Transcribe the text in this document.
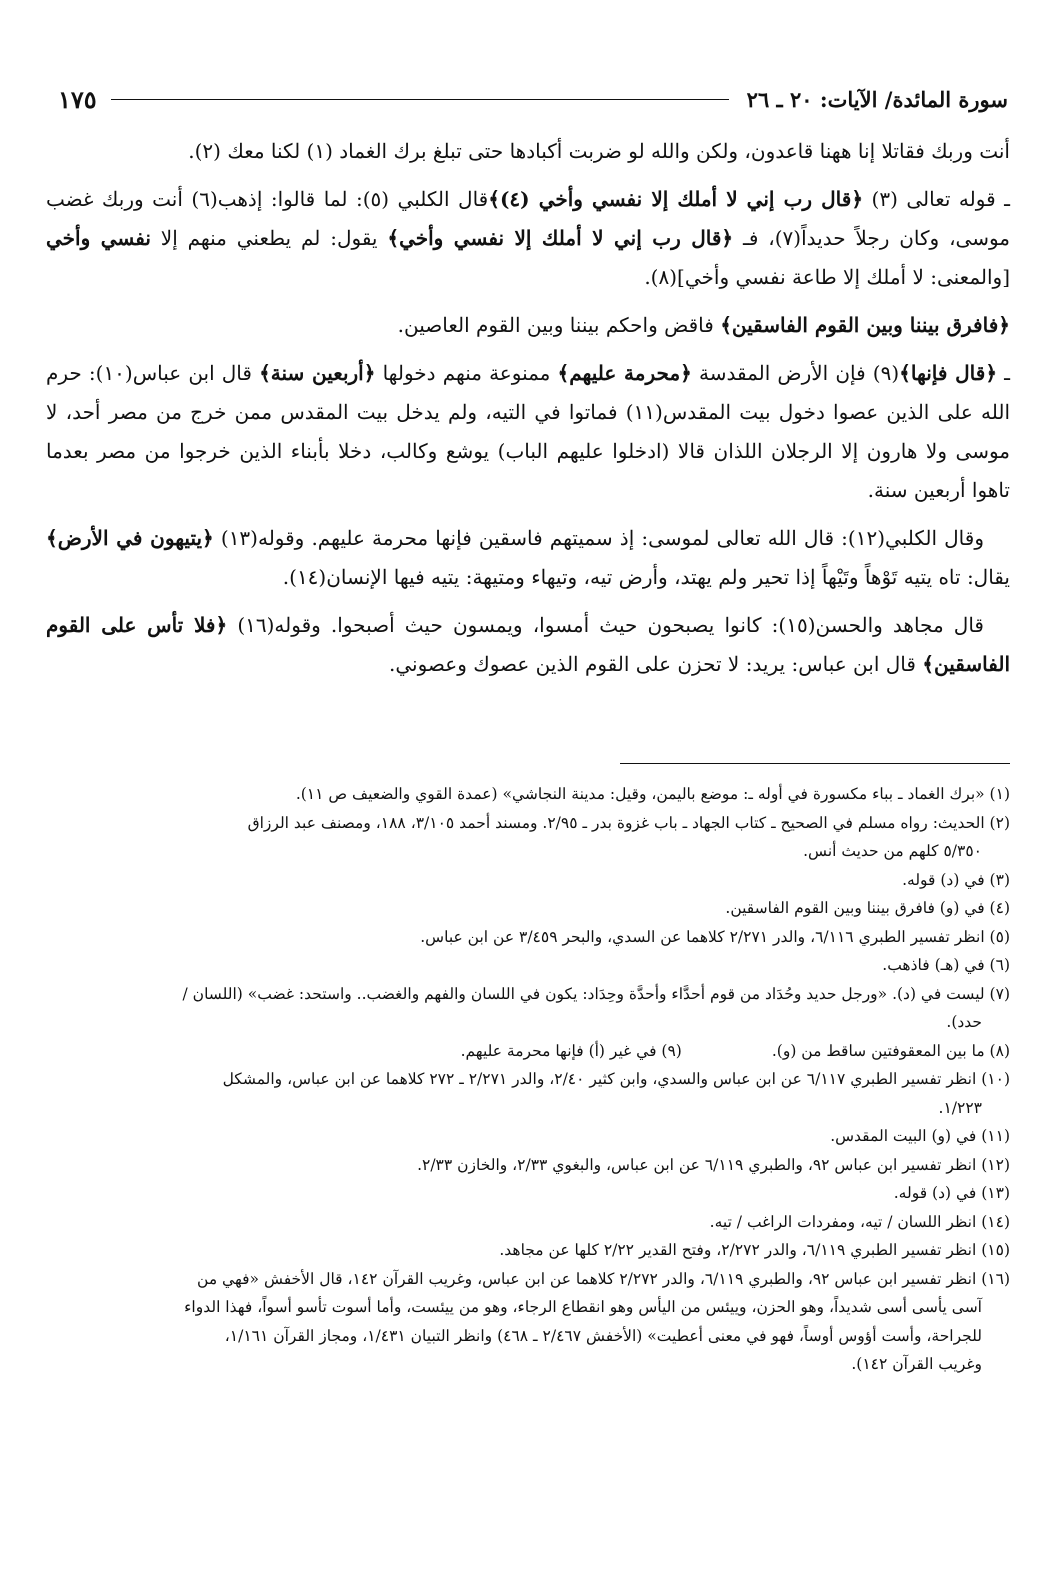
سورة المائدة/ الآيات: ٢٠ ـ ٢٦
١٧٥

أنت وربك فقاتلا إنا ههنا قاعدون، ولكن والله لو ضربت أكبادها حتى تبلغ برك الغماد (١) لكنا معك (٢).

ـ قوله تعالى (٣) ﴿قال رب إني لا أملك إلا نفسي وأخي (٤)﴾قال الكلبي (٥): لما قالوا: إذهب(٦) أنت وربك غضب موسى، وكان رجلاً حديداً(٧)، فـ ﴿قال رب إني لا أملك إلا نفسي وأخي﴾ يقول: لم يطعني منهم إلا نفسي وأخي [والمعنى: لا أملك إلا طاعة نفسي وأخي](٨).

﴿فافرق بيننا وبين القوم الفاسقين﴾ فاقض واحكم بيننا وبين القوم العاصين.

ـ ﴿قال فإنها﴾(٩) فإن الأرض المقدسة ﴿محرمة عليهم﴾ ممنوعة منهم دخولها ﴿أربعين سنة﴾ قال ابن عباس(١٠): حرم الله على الذين عصوا دخول بيت المقدس(١١) فماتوا في التيه، ولم يدخل بيت المقدس ممن خرج من مصر أحد، لا موسى ولا هارون إلا الرجلان اللذان قالا (ادخلوا عليهم الباب) يوشع وكالب، دخلا بأبناء الذين خرجوا من مصر بعدما تاهوا أربعين سنة.

وقال الكلبي(١٢): قال الله تعالى لموسى: إذ سميتهم فاسقين فإنها محرمة عليهم. وقوله(١٣) ﴿يتيهون في الأرض﴾ يقال: تاه يتيه تَوْهاً وتَيْهاً إذا تحير ولم يهتد، وأرض تيه، وتيهاء ومتيهة: يتيه فيها الإنسان(١٤).

قال مجاهد والحسن(١٥): كانوا يصبحون حيث أمسوا، ويمسون حيث أصبحوا. وقوله(١٦) ﴿فلا تأس على القوم الفاسقين﴾ قال ابن عباس: يريد: لا تحزن على القوم الذين عصوك وعصوني.

(١) «برك الغماد ـ بباء مكسورة في أوله ـ: موضع باليمن، وقيل: مدينة النجاشي» (عمدة القوي والضعيف ص ١١).

(٢) الحديث: رواه مسلم في الصحيح ـ كتاب الجهاد ـ باب غزوة بدر ـ ٢/٩٥. ومسند أحمد ٣/١٠٥، ١٨٨، ومصنف عبد الرزاق

٥/٣٥٠ كلهم من حديث أنس.

(٣) في (د) قوله.

(٤) في (و) فافرق بيننا وبين القوم الفاسقين.

(٥) انظر تفسير الطبري ٦/١١٦، والدر ٢/٢٧١ كلاهما عن السدي، والبحر ٣/٤٥٩ عن ابن عباس.

(٦) في (هـ) فاذهب.

(٧) ليست في (د). «ورجل حديد وحُدَاد من قوم أحدَّاء وأحدَّة وحِدَاد: يكون في اللسان والفهم والغضب.. واستحد: غضب» (اللسان /

حدد).

(٨) ما بين المعقوفتين ساقط من (و).
(٩) في غير (أ) فإنها محرمة عليهم.

(١٠) انظر تفسير الطبري ٦/١١٧ عن ابن عباس والسدي، وابن كثير ٢/٤٠، والدر ٢/٢٧١ ـ ٢٧٢ كلاهما عن ابن عباس، والمشكل

١/٢٢٣.

(١١) في (و) البيت المقدس.

(١٢) انظر تفسير ابن عباس ٩٢، والطبري ٦/١١٩ عن ابن عباس، والبغوي ٢/٣٣، والخازن ٢/٣٣.

(١٣) في (د) قوله.

(١٤) انظر اللسان / تيه، ومفردات الراغب / تيه.

(١٥) انظر تفسير الطبري ٦/١١٩، والدر ٢/٢٧٢، وفتح القدير ٢/٢٢ كلها عن مجاهد.

(١٦) انظر تفسير ابن عباس ٩٢، والطبري ٦/١١٩، والدر ٢/٢٧٢ كلاهما عن ابن عباس، وغريب القرآن ١٤٢، قال الأخفش «فهي من

آسى يأسى أسى شديداً، وهو الحزن، وييئس من اليأس وهو انقطاع الرجاء، وهو من ييئست، وأما أسوت تأسو أسواً، فهذا الدواء

للجراحة، وأست أؤوس أوساً، فهو في معنى أعطيت» (الأخفش ٢/٤٦٧ ـ ٤٦٨) وانظر التبيان ١/٤٣١، ومجاز القرآن ١/١٦١،

وغريب القرآن ١٤٢).
